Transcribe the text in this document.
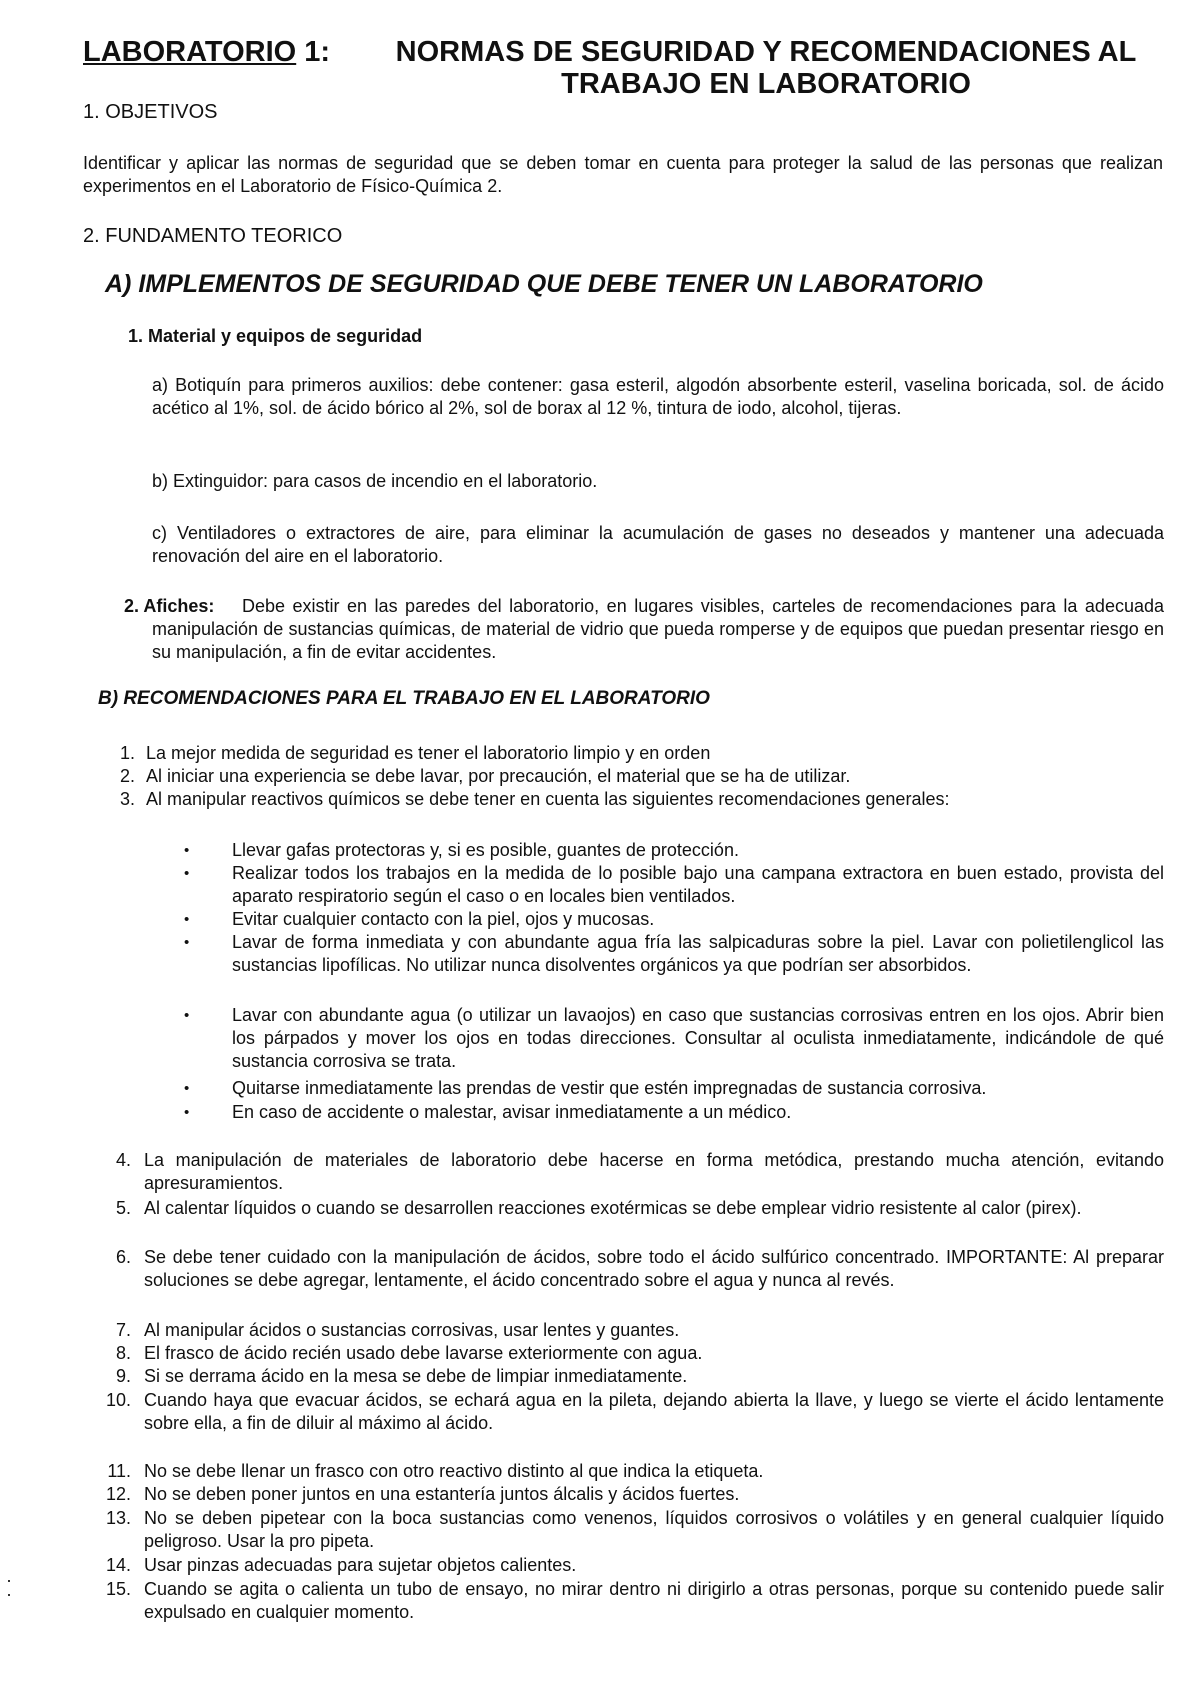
LABORATORIO 1:	NORMAS DE SEGURIDAD Y RECOMENDACIONES AL
TRABAJO EN LABORATORIO
1. OBJETIVOS
Identificar y aplicar las normas de seguridad que se deben tomar en cuenta para proteger la salud de las personas que realizan experimentos en el Laboratorio de Físico-Química 2.
2. FUNDAMENTO TEORICO
A) IMPLEMENTOS DE SEGURIDAD QUE DEBE TENER UN LABORATORIO
1. Material y equipos de seguridad
a) Botiquín para primeros auxilios: debe contener: gasa esteril, algodón absorbente esteril, vaselina boricada, sol. de ácido acético al 1%, sol. de ácido bórico al 2%, sol de borax al 12 %, tintura de iodo, alcohol, tijeras.
b) Extinguidor: para casos de incendio en el laboratorio.
c) Ventiladores o extractores de aire, para eliminar la acumulación de gases no deseados y mantener una adecuada renovación del aire en el laboratorio.
2. Afiches:	Debe existir en las paredes del laboratorio, en lugares visibles, carteles de recomendaciones para la adecuada manipulación de sustancias químicas, de material de vidrio que pueda romperse y de equipos que puedan presentar riesgo en su manipulación, a fin de evitar accidentes.
B) RECOMENDACIONES PARA EL TRABAJO EN EL LABORATORIO
1. La mejor medida de seguridad es tener el laboratorio limpio y en orden
2. Al iniciar una experiencia se debe lavar, por precaución, el material que se ha de utilizar.
3. Al manipular reactivos químicos se debe tener en cuenta las siguientes recomendaciones generales:
• Llevar gafas protectoras y, si es posible, guantes de protección.
• Realizar todos los trabajos en la medida de lo posible bajo una campana extractora en buen estado, provista del aparato respiratorio según el caso o en locales bien ventilados.
• Evitar cualquier contacto con la piel, ojos y mucosas.
• Lavar de forma inmediata y con abundante agua fría las salpicaduras sobre la piel. Lavar con polietilenglicol las sustancias lipofílicas. No utilizar nunca disolventes orgánicos ya que podrían ser absorbidos.
• Lavar con abundante agua (o utilizar un lavaojos) en caso que sustancias corrosivas entren en los ojos. Abrir bien los párpados y mover los ojos en todas direcciones. Consultar al oculista inmediatamente, indicándole de qué sustancia corrosiva se trata.
• Quitarse inmediatamente las prendas de vestir que estén impregnadas de sustancia corrosiva.
• En caso de accidente o malestar, avisar inmediatamente a un médico.
4. La manipulación de materiales de laboratorio debe hacerse en forma metódica, prestando mucha atención, evitando apresuramientos.
5. Al calentar líquidos o cuando se desarrollen reacciones exotérmicas se debe emplear vidrio resistente al calor (pirex).
6. Se debe tener cuidado con la manipulación de ácidos, sobre todo el ácido sulfúrico concentrado. IMPORTANTE: Al preparar soluciones se debe agregar, lentamente, el ácido concentrado sobre el agua y nunca al revés.
7. Al manipular ácidos o sustancias corrosivas, usar lentes y guantes.
8. El frasco de ácido recién usado debe lavarse exteriormente con agua.
9. Si se derrama ácido en la mesa se debe de limpiar inmediatamente.
10. Cuando haya que evacuar ácidos, se echará agua en la pileta, dejando abierta la llave, y luego se vierte el ácido lentamente sobre ella, a fin de diluir al máximo al ácido.
11. No se debe llenar un frasco con otro reactivo distinto al que indica la etiqueta.
12. No se deben poner juntos en una estantería juntos álcalis y ácidos fuertes.
13. No se deben pipetear con la boca sustancias como venenos, líquidos corrosivos o volátiles y en general cualquier líquido peligroso. Usar la pro pipeta.
14. Usar pinzas adecuadas para sujetar objetos calientes.
15. Cuando se agita o calienta un tubo de ensayo, no mirar dentro ni dirigirlo a otras personas, porque su contenido puede salir expulsado en cualquier momento.
